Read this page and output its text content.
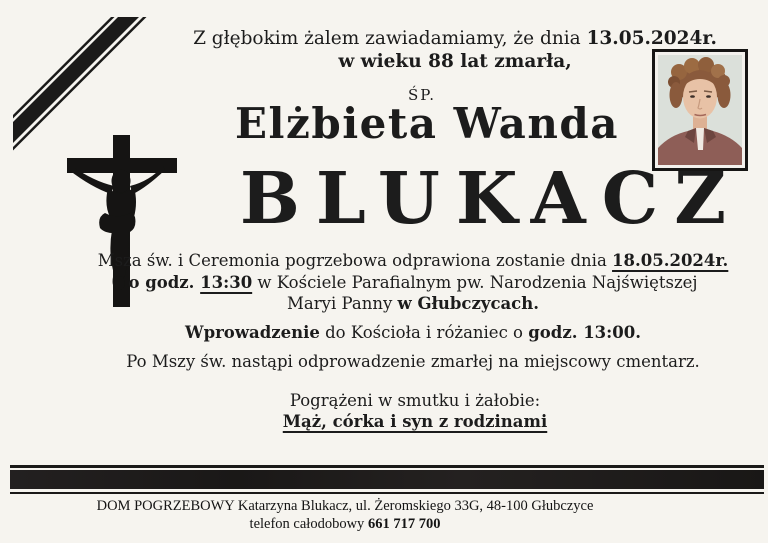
Z głębokim żalem zawiadamiamy, że dnia 13.05.2024r.
w wieku 88 lat zmarła,
ŚP.
Elżbieta Wanda
BLUKACZ
Msza św. i Ceremonia pogrzebowa odprawiona zostanie dnia 18.05.2024r.
o godz. 13:30 w Kościele Parafialnym pw. Narodzenia Najświętszej
Maryi Panny w Głubczycach.
Wprowadzenie do Kościoła i różaniec o godz. 13:00.
Po Mszy św. nastąpi odprowadzenie zmarłej na miejscowy cmentarz.
Pogrążeni w smutku i żałobie:
Mąż, córka i syn z rodzinami
DOM POGRZEBOWY Katarzyna Blukacz, ul. Żeromskiego 33G, 48-100 Głubczyce
telefon całodobowy 661 717 700
